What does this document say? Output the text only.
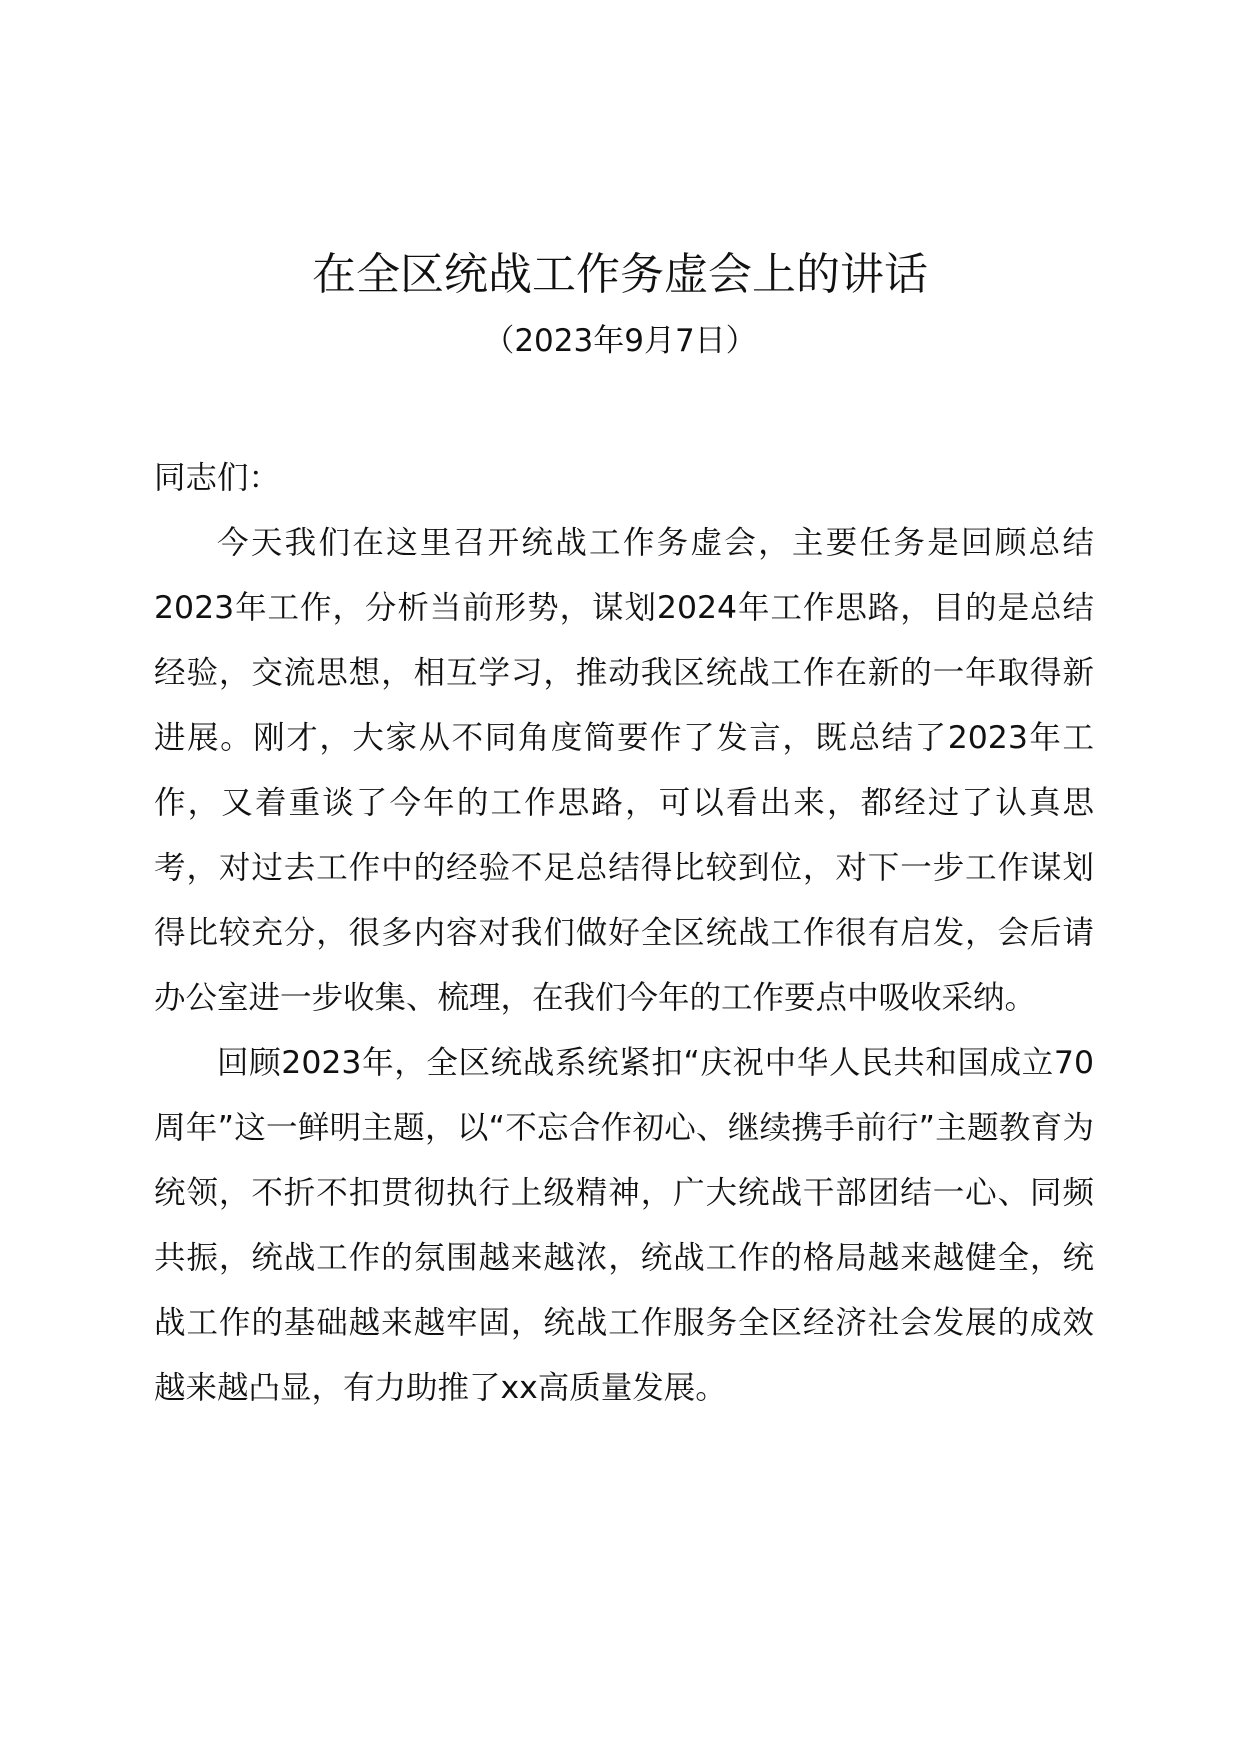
在全区统战工作务虚会上的讲话
（2023年9月7日）

同志们：

今天我们在这里召开统战工作务虚会，主要任务是回顾总结2023年工作，分析当前形势，谋划2024年工作思路，目的是总结经验，交流思想，相互学习，推动我区统战工作在新的一年取得新进展。刚才，大家从不同角度简要作了发言，既总结了2023年工作，又着重谈了今年的工作思路，可以看出来，都经过了认真思考，对过去工作中的经验不足总结得比较到位，对下一步工作谋划得比较充分，很多内容对我们做好全区统战工作很有启发，会后请办公室进一步收集、梳理，在我们今年的工作要点中吸收采纳。

回顾2023年，全区统战系统紧扣“庆祝中华人民共和国成立70周年”这一鲜明主题，以“不忘合作初心、继续携手前行”主题教育为统领，不折不扣贯彻执行上级精神，广大统战干部团结一心、同频共振，统战工作的氛围越来越浓，统战工作的格局越来越健全，统战工作的基础越来越牢固，统战工作服务全区经济社会发展的成效越来越凸显，有力助推了xx高质量发展。
